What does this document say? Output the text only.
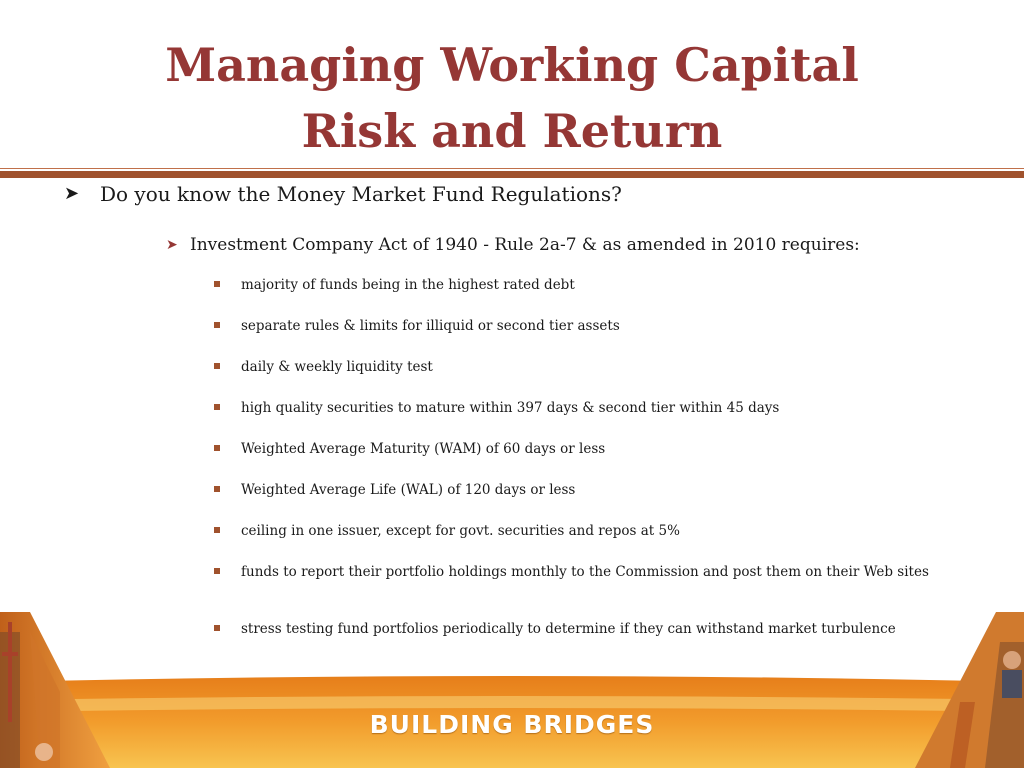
Managing Working Capital
Risk and Return
➤ Do you know the Money Market Fund Regulations?
➤ Investment Company Act of 1940 - Rule 2a-7 & as amended in 2010 requires:
majority of funds being in the highest rated debt
separate rules & limits for illiquid or second tier assets
daily & weekly liquidity test
high quality securities to mature within 397 days & second tier within 45 days
Weighted Average Maturity (WAM) of 60 days or less
Weighted Average Life (WAL) of 120 days or less
ceiling in one issuer, except for govt. securities and repos at 5%
funds to report their portfolio holdings monthly to the Commission and post them on their Web sites
stress testing fund portfolios periodically to determine if they can withstand market turbulence
BUILDING BRIDGES
